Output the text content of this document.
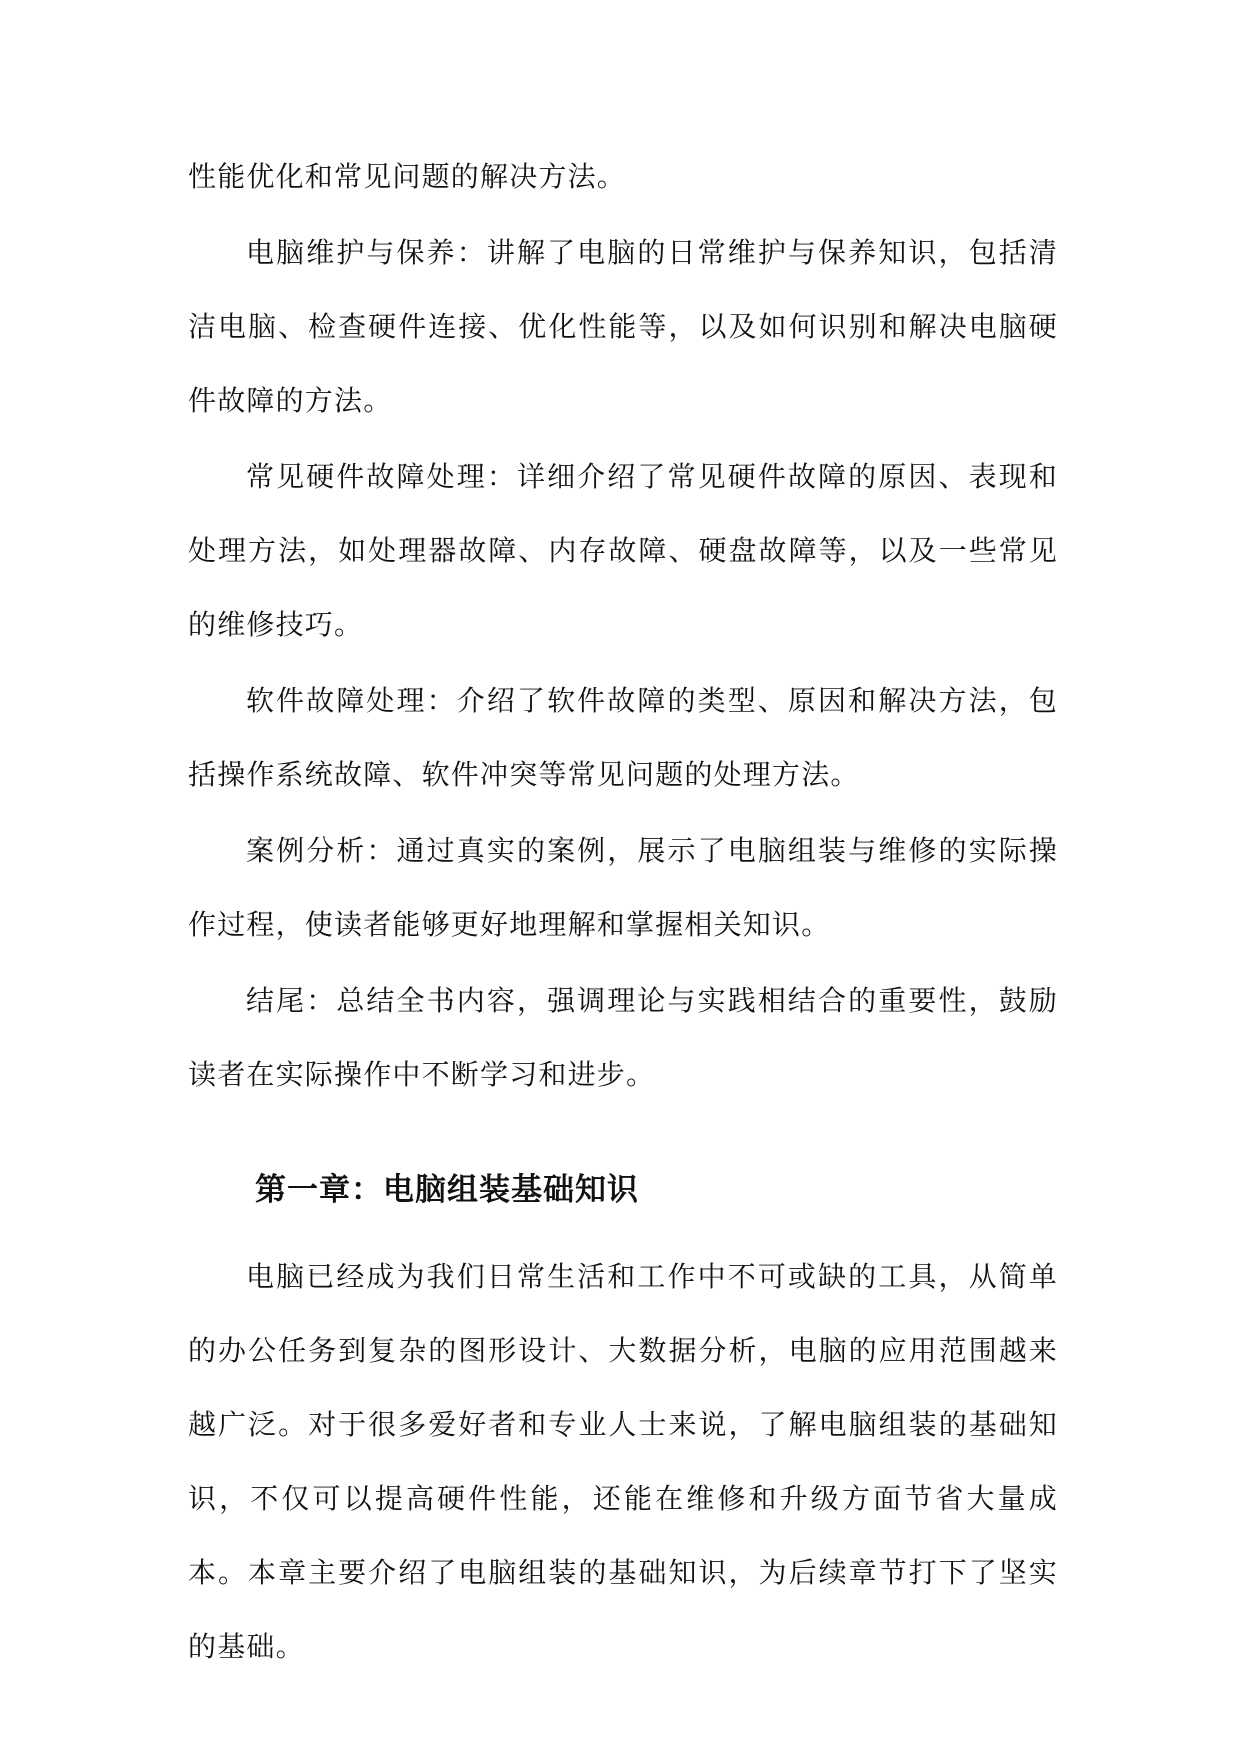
性能优化和常见问题的解决方法。

电脑维护与保养：讲解了电脑的日常维护与保养知识，包括清洁电脑、检查硬件连接、优化性能等，以及如何识别和解决电脑硬件故障的方法。

常见硬件故障处理：详细介绍了常见硬件故障的原因、表现和处理方法，如处理器故障、内存故障、硬盘故障等，以及一些常见的维修技巧。

软件故障处理：介绍了软件故障的类型、原因和解决方法，包括操作系统故障、软件冲突等常见问题的处理方法。

案例分析：通过真实的案例，展示了电脑组装与维修的实际操作过程，使读者能够更好地理解和掌握相关知识。

结尾：总结全书内容，强调理论与实践相结合的重要性，鼓励读者在实际操作中不断学习和进步。

第一章：电脑组装基础知识

电脑已经成为我们日常生活和工作中不可或缺的工具，从简单的办公任务到复杂的图形设计、大数据分析，电脑的应用范围越来越广泛。对于很多爱好者和专业人士来说，了解电脑组装的基础知识，不仅可以提高硬件性能，还能在维修和升级方面节省大量成本。本章主要介绍了电脑组装的基础知识，为后续章节打下了坚实的基础。
